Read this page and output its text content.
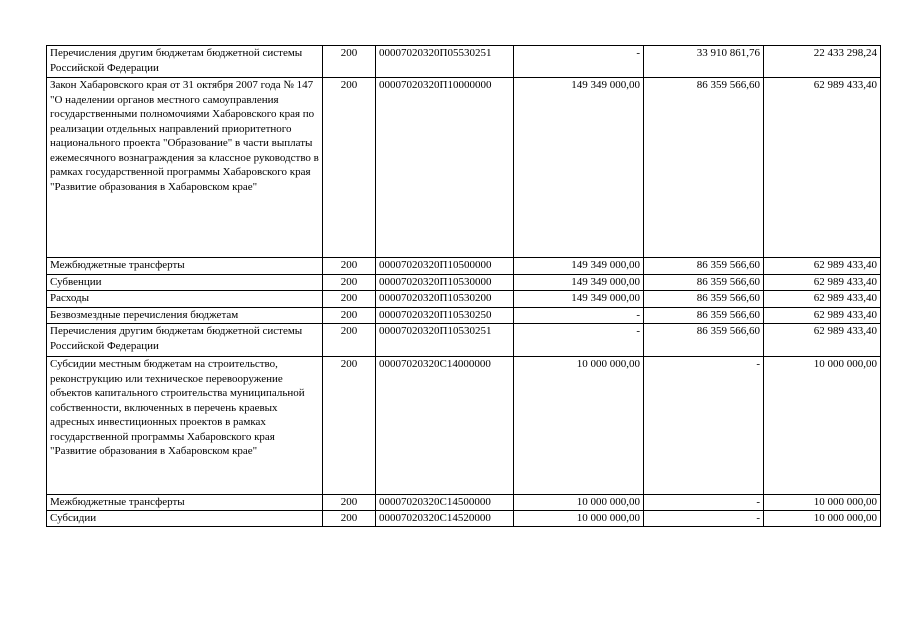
Перечисления другим бюджетам бюджетной системы Российской Федерации	200	00007020320П05530251	-	33 910 861,76	22 433 298,24
Закон Хабаровского края от 31 октября 2007 года № 147 "О наделении органов местного самоуправления государственными полномочиями Хабаровского края по реализации отдельных направлений приоритетного национального проекта "Образование" в части выплаты ежемесячного вознаграждения за классное руководство в рамках государственной программы Хабаровского края "Развитие образования в Хабаровском крае"	200	00007020320П10000000	149 349 000,00	86 359 566,60	62 989 433,40
Межбюджетные трансферты	200	00007020320П10500000	149 349 000,00	86 359 566,60	62 989 433,40
Субвенции	200	00007020320П10530000	149 349 000,00	86 359 566,60	62 989 433,40
Расходы	200	00007020320П10530200	149 349 000,00	86 359 566,60	62 989 433,40
Безвозмездные перечисления бюджетам	200	00007020320П10530250	-	86 359 566,60	62 989 433,40
Перечисления другим бюджетам бюджетной системы Российской Федерации	200	00007020320П10530251	-	86 359 566,60	62 989 433,40
Субсидии местным бюджетам на строительство, реконструкцию или техническое перевооружение объектов капитального строительства муниципальной собственности, включенных в перечень краевых адресных инвестиционных проектов в рамках государственной программы Хабаровского края "Развитие образования в Хабаровском крае"	200	00007020320С14000000	10 000 000,00	-	10 000 000,00
Межбюджетные трансферты	200	00007020320С14500000	10 000 000,00	-	10 000 000,00
Субсидии	200	00007020320С14520000	10 000 000,00	-	10 000 000,00
